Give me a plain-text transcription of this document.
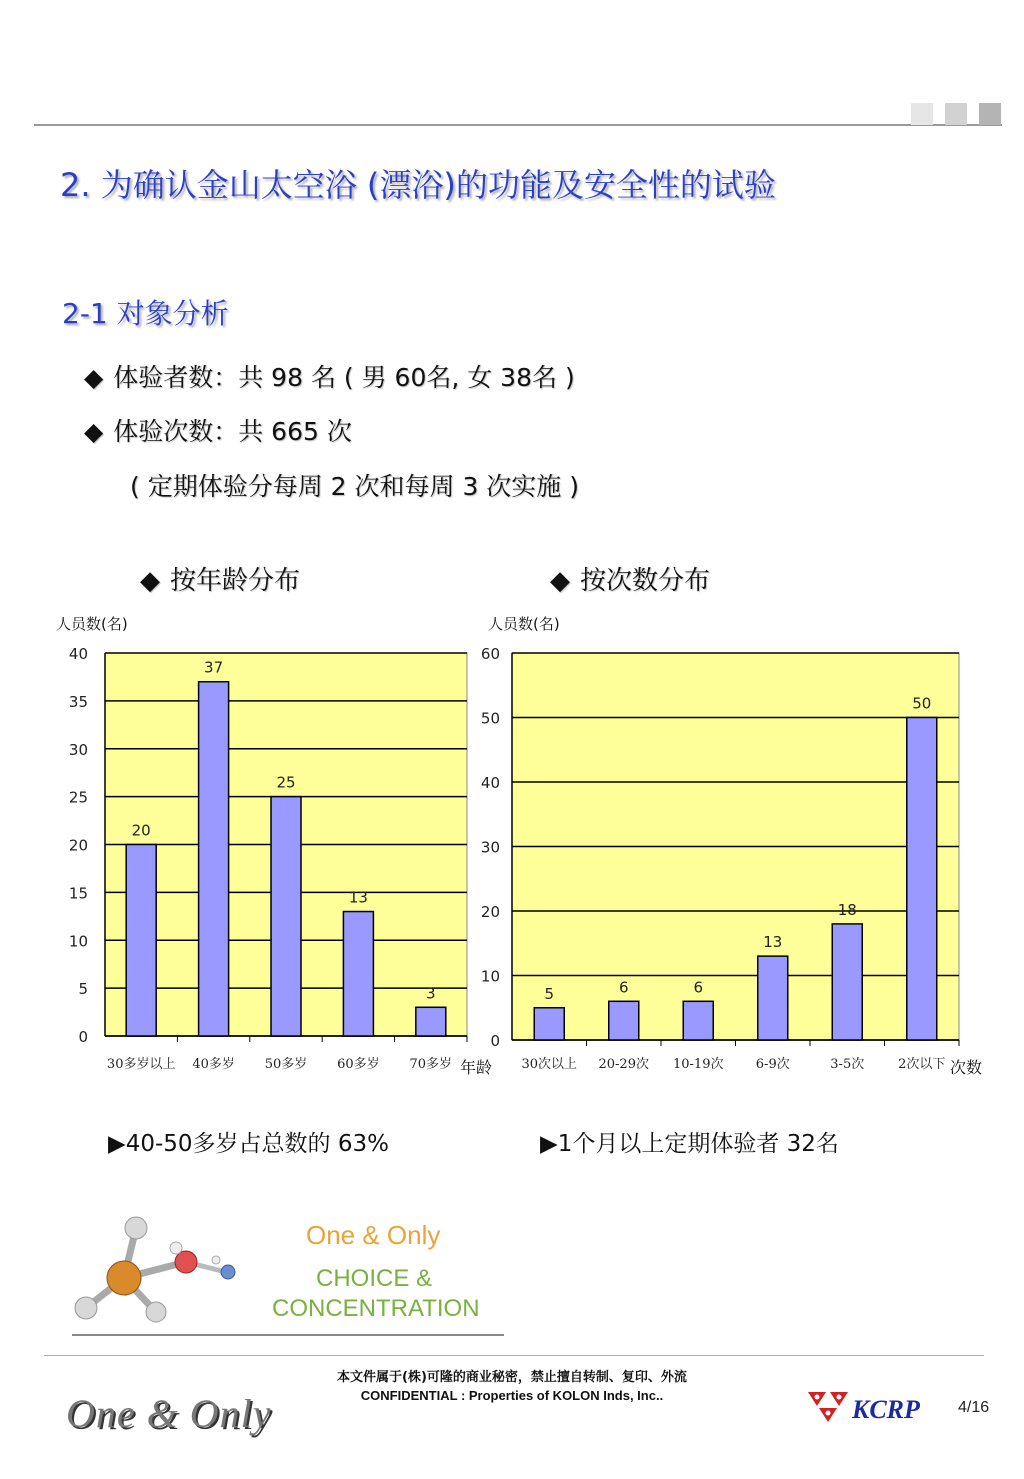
2. 为确认金山太空浴 (漂浴)的功能及安全性的试验
2-1 对象分析
◆ 体验者数：共 98 名 ( 男 60名, 女 38名 )
◆ 体验次数：共 665 次
( 定期体验分每周 2 次和每周 3 次实施 )
◆ 按年龄分布	◆ 按次数分布
0
5
10
15
20
25
30
35
40
人员数(名)
20
30多岁以上
37
40多岁
25
50多岁
13
60多岁
3
70多岁 年龄
0
10
20
30
40
50
60
人员数(名)
5
30次以上
6
20-29次
6
10-19次
13
6-9次
18
3-5次
50
2次以下 次数
▶40-50多岁占总数的 63%	▶1个月以上定期体验者 32名
One & Only
CHOICE &
CONCENTRATION
本文件属于(株)可隆的商业秘密，禁止擅自转制、复印、外流
CONFIDENTIAL : Properties of KOLON Inds, Inc..
One & Only	KCRP 4/16
